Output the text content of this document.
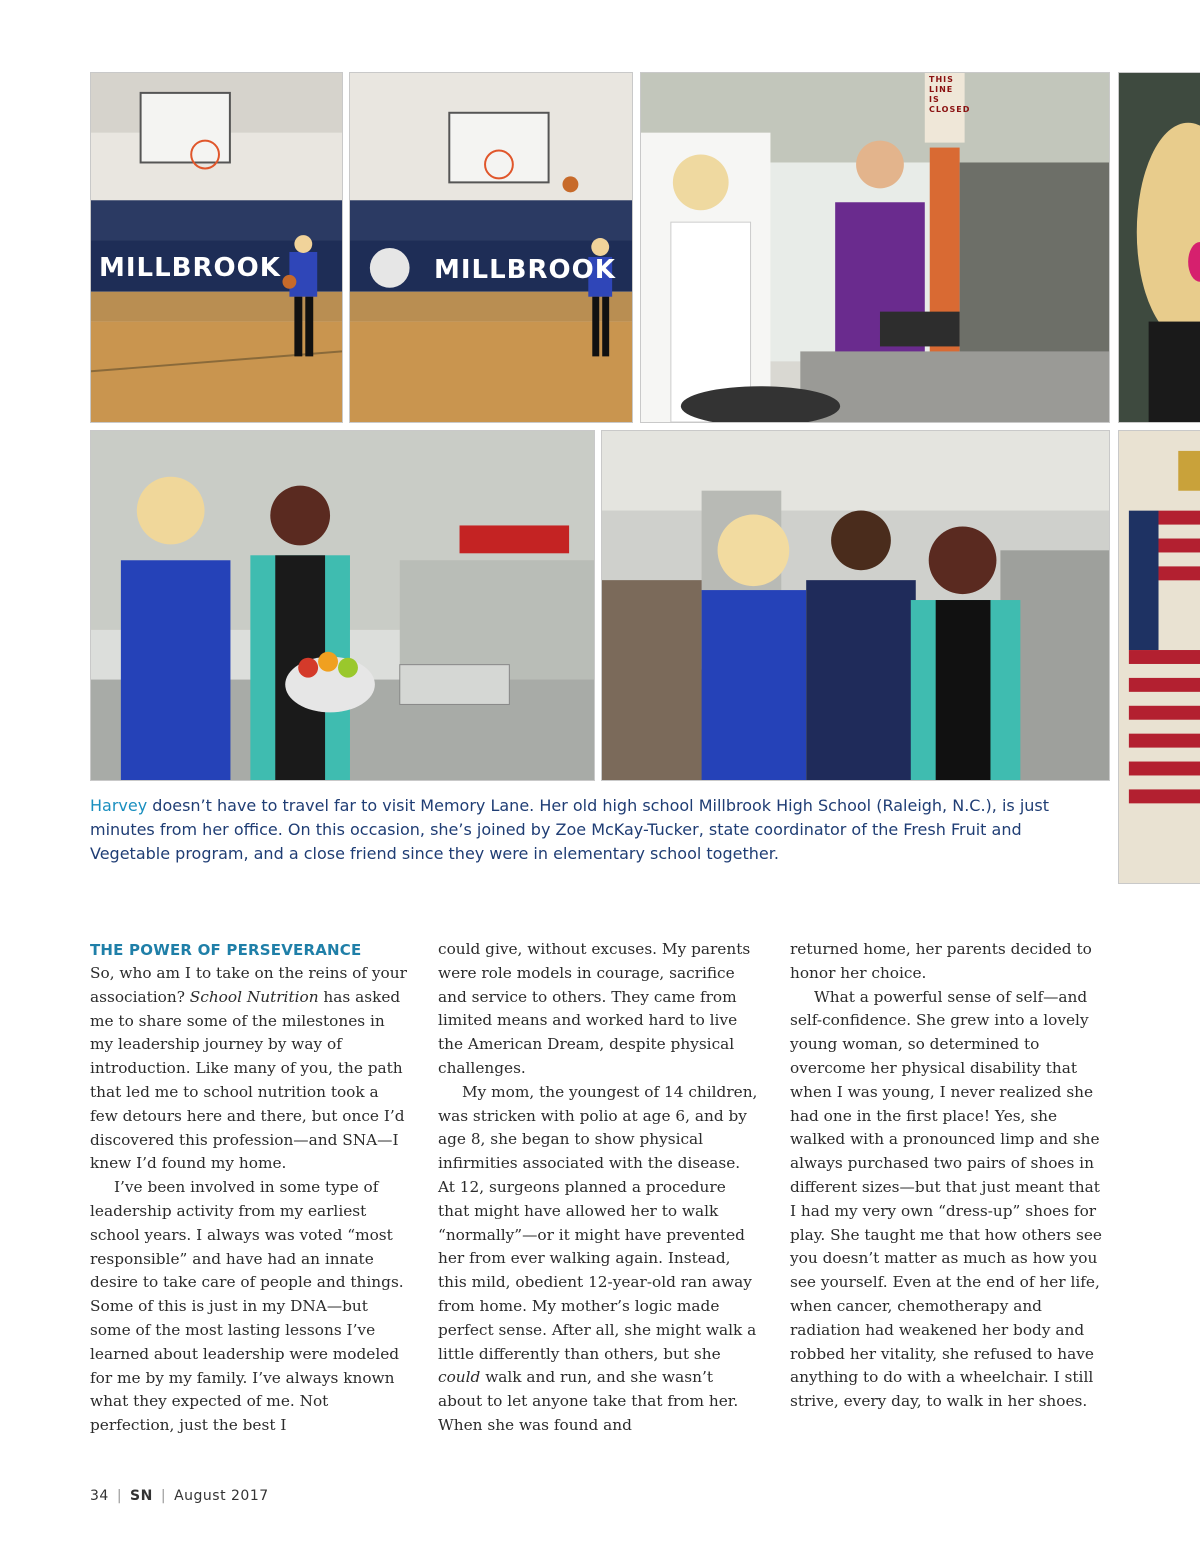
MILLBROOK	MILLBROOK
THIS LINE IS CLOSED
Harvey doesn’t have to travel far to visit Memory Lane. Her old high school Millbrook High School (Raleigh, N.C.), is just minutes from her office. On this occasion, she’s joined by Zoe McKay-Tucker, state coordinator of the Fresh Fruit and Vegetable program, and a close friend since they were in elementary school together.
THE POWER OF PERSEVERANCE

So, who am I to take on the reins of your association? School Nutrition has asked me to share some of the milestones in my leadership journey by way of introduction. Like many of you, the path that led me to school nutrition took a few detours here and there, but once I’d discovered this profession—and SNA—I knew I’d found my home.

I’ve been involved in some type of leadership activity from my earliest school years. I always was voted “most responsible” and have had an innate desire to take care of people and things. Some of this is just in my DNA—but some of the most lasting lessons I’ve learned about leadership were modeled for me by my family. I’ve always known what they expected of me. Not perfection, just the best I

could give, without excuses. My parents were role models in courage, sacrifice and service to others. They came from limited means and worked hard to live the American Dream, despite physical challenges.

My mom, the youngest of 14 children, was stricken with polio at age 6, and by age 8, she began to show physical infirmities associated with the disease. At 12, surgeons planned a procedure that might have allowed her to walk “normally”—or it might have prevented her from ever walking again. Instead, this mild, obedient 12-year-old ran away from home. My mother’s logic made perfect sense. After all, she might walk a little differently than others, but she could walk and run, and she wasn’t about to let anyone take that from her. When she was found and

returned home, her parents decided to honor her choice.

What a powerful sense of self—and self-confidence. She grew into a lovely young woman, so determined to overcome her physical disability that when I was young, I never realized she had one in the first place! Yes, she walked with a pronounced limp and she always purchased two pairs of shoes in different sizes—but that just meant that I had my very own “dress-up” shoes for play. She taught me that how others see you doesn’t matter as much as how you see yourself. Even at the end of her life, when cancer, chemotherapy and radiation had weakened her body and robbed her vitality, she refused to have anything to do with a wheelchair. I still strive, every day, to walk in her shoes.

34 | SN | August 2017
